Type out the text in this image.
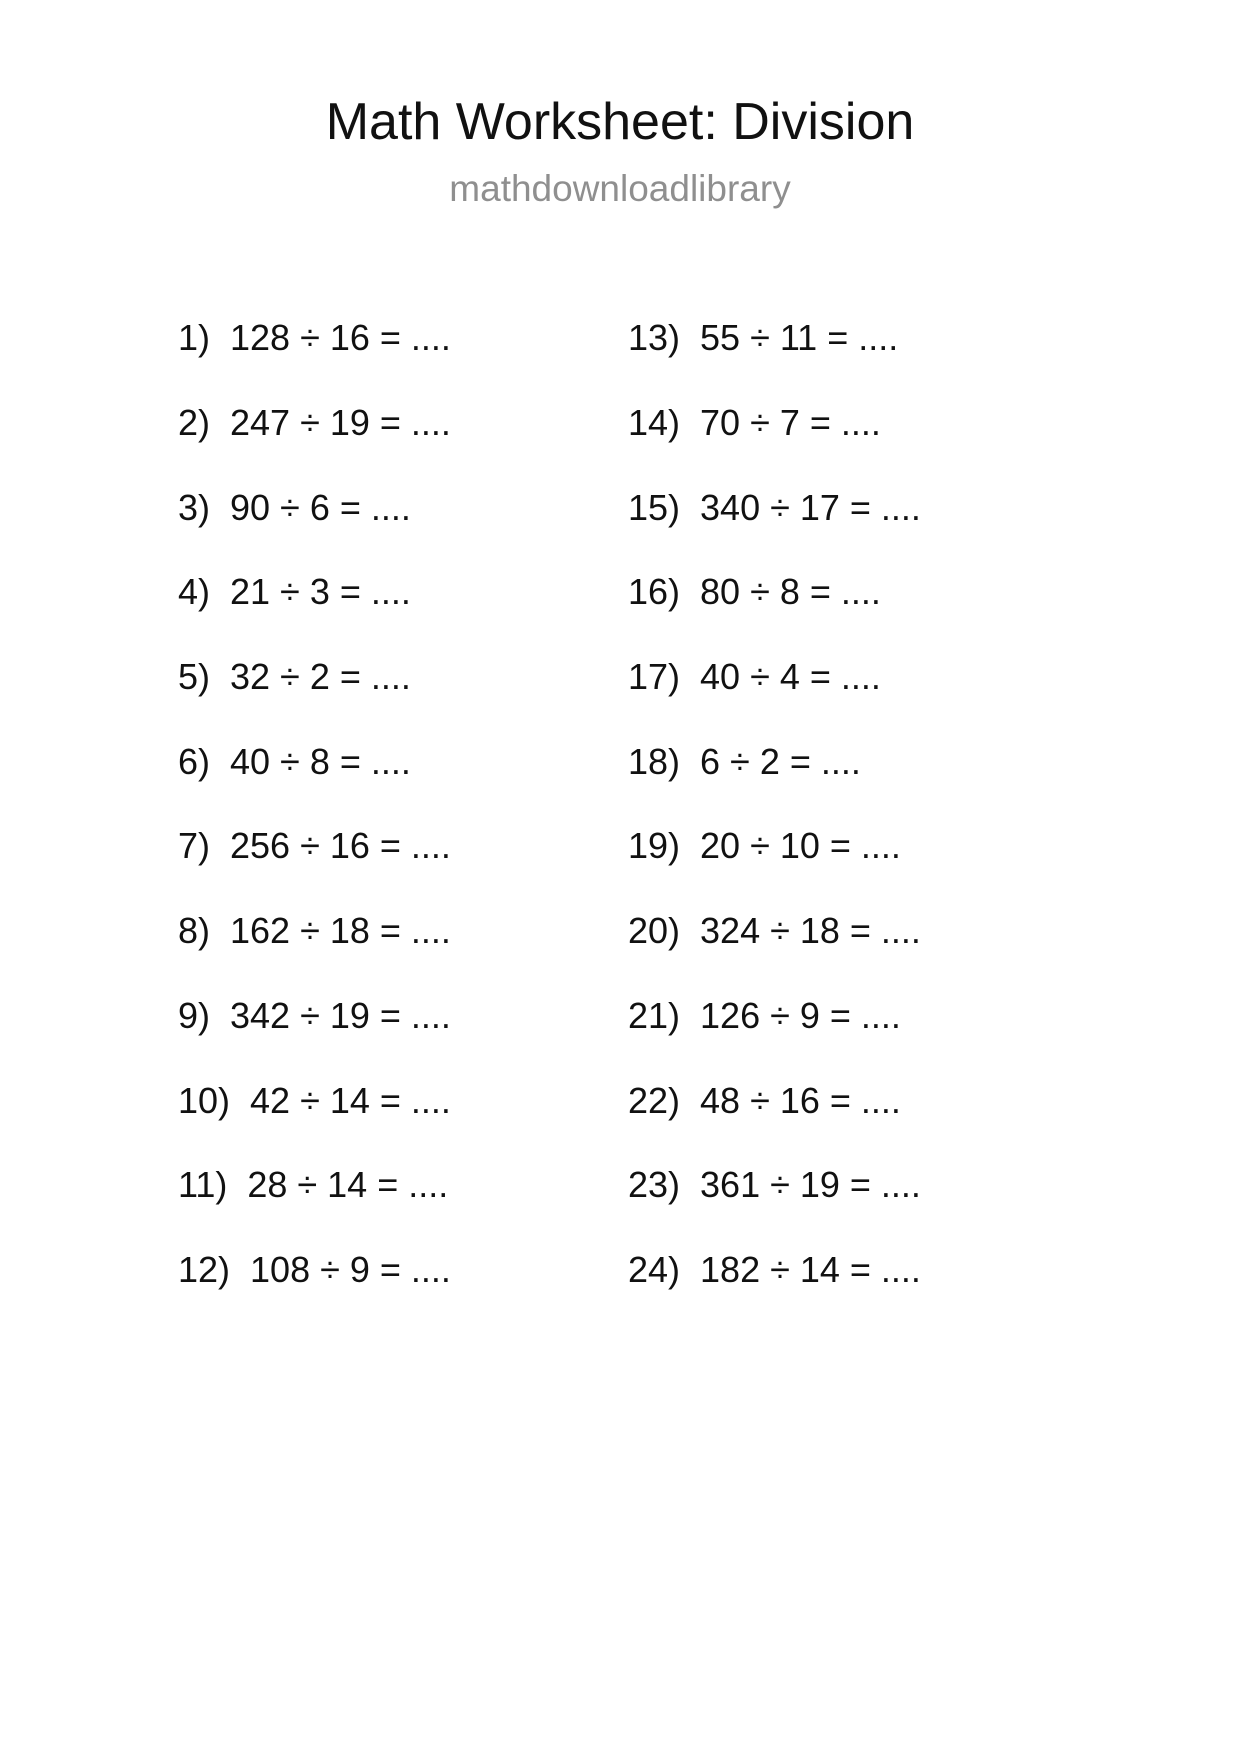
Math Worksheet: Division

mathdownloadlibrary

1) 128 ÷ 16 = ....
2) 247 ÷ 19 = ....
3) 90 ÷ 6 = ....
4) 21 ÷ 3 = ....
5) 32 ÷ 2 = ....
6) 40 ÷ 8 = ....
7) 256 ÷ 16 = ....
8) 162 ÷ 18 = ....
9) 342 ÷ 19 = ....
10) 42 ÷ 14 = ....
11) 28 ÷ 14 = ....
12) 108 ÷ 9 = ....
13) 55 ÷ 11 = ....
14) 70 ÷ 7 = ....
15) 340 ÷ 17 = ....
16) 80 ÷ 8 = ....
17) 40 ÷ 4 = ....
18) 6 ÷ 2 = ....
19) 20 ÷ 10 = ....
20) 324 ÷ 18 = ....
21) 126 ÷ 9 = ....
22) 48 ÷ 16 = ....
23) 361 ÷ 19 = ....
24) 182 ÷ 14 = ....
